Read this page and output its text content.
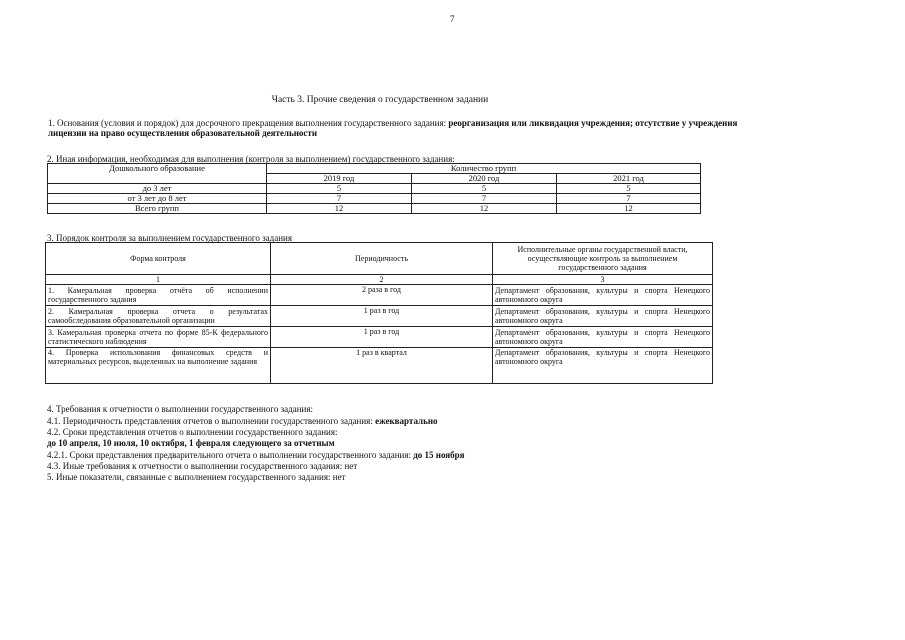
7
Часть 3. Прочие сведения о государственном задании
1. Основания (условия и порядок) для досрочного прекращения выполнения государственного задания: реорганизация или ликвидация учреждения; отсутствие у учреждения лицензии на право осуществления образовательной деятельности
2. Иная информация, необходимая для выполнения (контроля за выполнением) государственного задания:
Дошкольного образование	Количество групп		
	2019 год	2020 год	2021 год
до 3 лет	5	5	5
от 3 лет до 8 лет	7	7	7
Всего групп	12	12	12
3. Порядок контроля за выполнением государственного задания
Форма контроля	Периодичность	Исполнительные органы государственной власти, осуществляющие контроль за выполнением государственного задания
1	2	3
1. Камеральная проверка отчёта об исполнении государственного задания	2 раза в год	Департамент образования, культуры и спорта Ненецкого автономного округа
2. Камеральная проверка отчета о результатах самообследования образовательной организации	1 раз в год	Департамент образования, культуры и спорта Ненецкого автономного округа
3. Камеральная проверка отчета по форме 85-К федерального статистического наблюдения	1 раз в год	Департамент образования, культуры и спорта Ненецкого автономного округа
4. Проверка использования финансовых средств и материальных ресурсов, выделенных на выполнение задания	1 раз в квартал	Департамент образования, культуры и спорта Ненецкого автономного округа
4. Требования к отчетности о выполнении государственного задания:
4.1. Периодичность представления отчетов о выполнении государственного задания: ежеквартально
4.2. Сроки представления отчетов о выполнении государственного задания:
до 10 апреля, 10 июля, 10 октября, 1 февраля следующего за отчетным
4.2.1. Сроки представления предварительного отчета о выполнении государственного задания: до 15 ноября
4.3. Иные требования к отчетности о выполнении государственного задания: нет
5. Иные показатели, связанные с выполнением государственного задания: нет
